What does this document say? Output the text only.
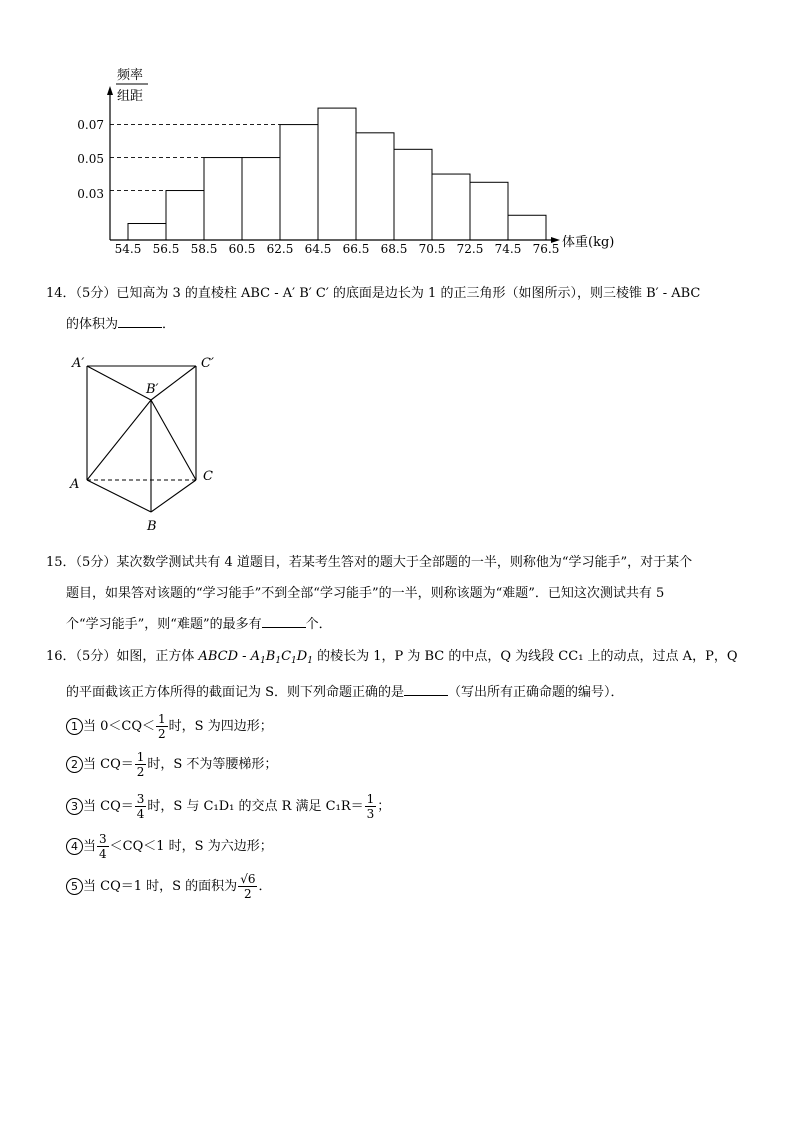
频率
组距
体重(kg)
0.07
0.05
0.03
54.5 56.5 58.5 60.5 62.5 64.5 66.5 68.5 70.5 72.5 74.5 76.5

14．（5分）已知高为 3 的直棱柱 ABC - A′ B′ C′ 的底面是边长为 1 的正三角形（如图所示），则三棱锥 B′ - ABC

的体积为	．

A′	C′
B′
A
C
B

15．（5分）某次数学测试共有 4 道题目，若某考生答对的题大于全部题的一半，则称他为“学习能手”，对于某个

题目，如果答对该题的“学习能手”不到全部“学习能手”的一半，则称该题为“难题”．已知这次测试共有 5

个“学习能手”，则“难题”的最多有	个．

16．（5分）如图，正方体 ABCD - $A_1B_1C_1D_1$ 的棱长为 1，P 为 BC 的中点，Q 为线段 CC₁ 上的动点，过点 A，P，Q

的平面截该正方体所得的截面记为 S．则下列命题正确的是	（写出所有正确命题的编号）．

1 当 $0<CQ< \frac{1}{2}$ 时，S 为四边形；
2 当 $CQ= \frac{1}{2}$ 时，S 不为等腰梯形；
3 当 $CQ= \frac{3}{4}$ 时，S 与 C₁D₁ 的交点 R 满足 $C_1R= \frac{1}{3}$ ；
4 当 $\frac{3}{4} <CQ<1$ 时，S 为六边形；
5 当 CQ＝1 时，S 的面积为 $\frac{√6}{2}$ ．
